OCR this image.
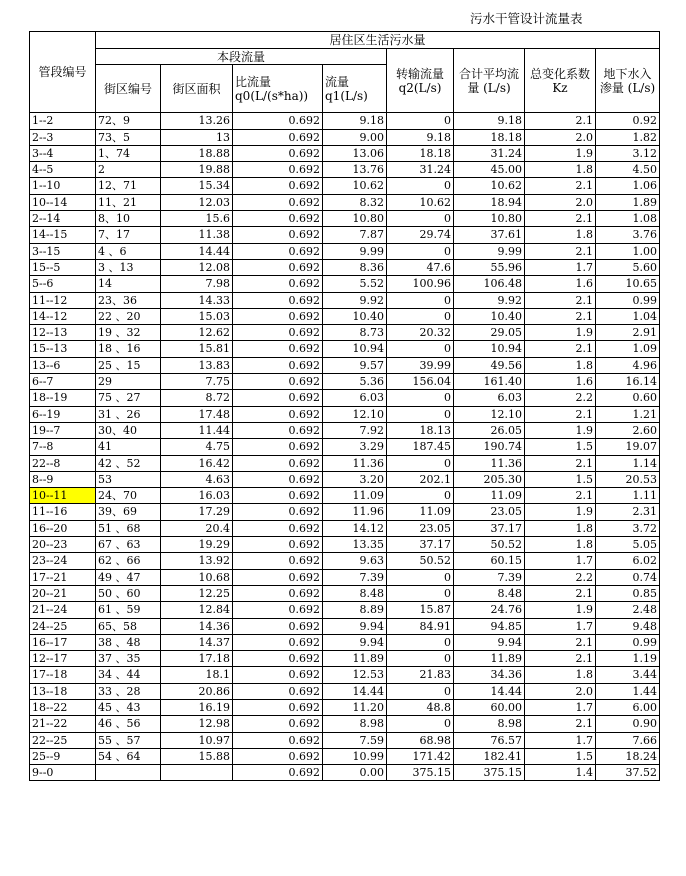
污水干管设计流量表
管段编号	居住区生活污水量							
	本段流量				转输流量 q2(L/s)	合计平均流量 (L/s)	总变化系数Kz	地下水入渗量 (L/s)
	街区编号	街区面积	比流量 q0(L/(s*ha))	流量 q1(L/s)				
1--2	72、9	13.26	0.692	9.18	0	9.18	2.1	0.92
2--3	73、5	13	0.692	9.00	9.18	18.18	2.0	1.82
3--4	1、74	18.88	0.692	13.06	18.18	31.24	1.9	3.12
4--5	2	19.88	0.692	13.76	31.24	45.00	1.8	4.50
1--10	12、71	15.34	0.692	10.62	0	10.62	2.1	1.06
10--14	11、21	12.03	0.692	8.32	10.62	18.94	2.0	1.89
2--14	8、10	15.6	0.692	10.80	0	10.80	2.1	1.08
14--15	7、17	11.38	0.692	7.87	29.74	37.61	1.8	3.76
3--15	4 、6	14.44	0.692	9.99	0	9.99	2.1	1.00
15--5	3 、13	12.08	0.692	8.36	47.6	55.96	1.7	5.60
5--6	14	7.98	0.692	5.52	100.96	106.48	1.6	10.65
11--12	23、36	14.33	0.692	9.92	0	9.92	2.1	0.99
14--12	22 、20	15.03	0.692	10.40	0	10.40	2.1	1.04
12--13	19 、32	12.62	0.692	8.73	20.32	29.05	1.9	2.91
15--13	18 、16	15.81	0.692	10.94	0	10.94	2.1	1.09
13--6	25 、15	13.83	0.692	9.57	39.99	49.56	1.8	4.96
6--7	29	7.75	0.692	5.36	156.04	161.40	1.6	16.14
18--19	75 、27	8.72	0.692	6.03	0	6.03	2.2	0.60
6--19	31 、26	17.48	0.692	12.10	0	12.10	2.1	1.21
19--7	30、40	11.44	0.692	7.92	18.13	26.05	1.9	2.60
7--8	41	4.75	0.692	3.29	187.45	190.74	1.5	19.07
22--8	42 、52	16.42	0.692	11.36	0	11.36	2.1	1.14
8--9	53	4.63	0.692	3.20	202.1	205.30	1.5	20.53
10--11	24、70	16.03	0.692	11.09	0	11.09	2.1	1.11
11--16	39、69	17.29	0.692	11.96	11.09	23.05	1.9	2.31
16--20	51 、68	20.4	0.692	14.12	23.05	37.17	1.8	3.72
20--23	67 、63	19.29	0.692	13.35	37.17	50.52	1.8	5.05
23--24	62 、66	13.92	0.692	9.63	50.52	60.15	1.7	6.02
17--21	49 、47	10.68	0.692	7.39	0	7.39	2.2	0.74
20--21	50 、60	12.25	0.692	8.48	0	8.48	2.1	0.85
21--24	61 、59	12.84	0.692	8.89	15.87	24.76	1.9	2.48
24--25	65、58	14.36	0.692	9.94	84.91	94.85	1.7	9.48
16--17	38 、48	14.37	0.692	9.94	0	9.94	2.1	0.99
12--17	37 、35	17.18	0.692	11.89	0	11.89	2.1	1.19
17--18	34 、44	18.1	0.692	12.53	21.83	34.36	1.8	3.44
13--18	33 、28	20.86	0.692	14.44	0	14.44	2.0	1.44
18--22	45 、43	16.19	0.692	11.20	48.8	60.00	1.7	6.00
21--22	46 、56	12.98	0.692	8.98	0	8.98	2.1	0.90
22--25	55 、57	10.97	0.692	7.59	68.98	76.57	1.7	7.66
25--9	54 、64	15.88	0.692	10.99	171.42	182.41	1.5	18.24
9--0			0.692	0.00	375.15	375.15	1.4	37.52
